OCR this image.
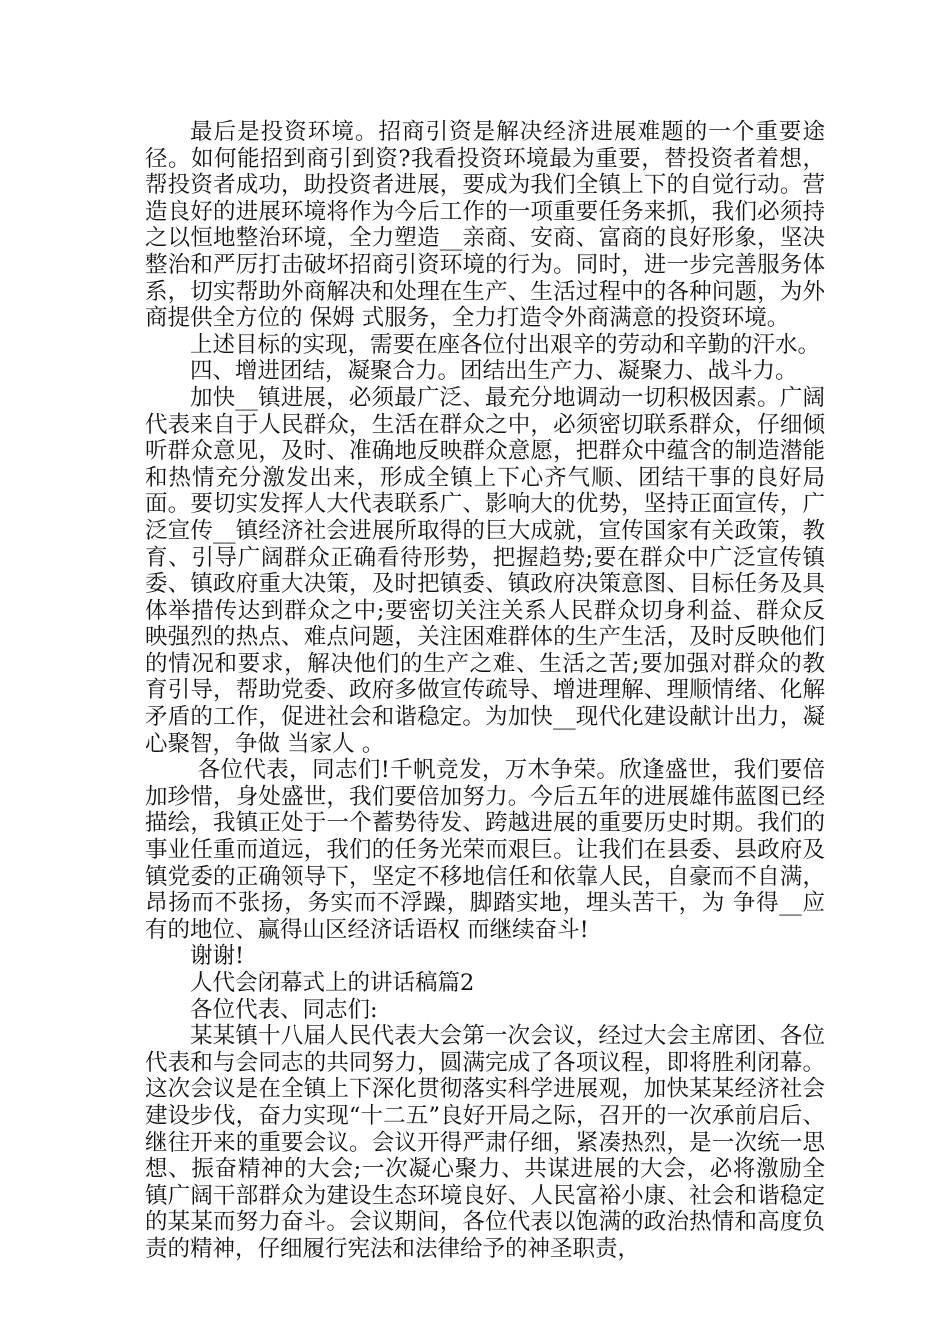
最后是投资环境。招商引资是解决经济进展难题的一个重要途径。如何能招到商引到资?我看投资环境最为重要，替投资者着想，帮投资者成功，助投资者进展，要成为我们全镇上下的自觉行动。营造良好的进展环境将作为今后工作的一项重要任务来抓，我们必须持之以恒地整治环境，全力塑造__亲商、安商、富商的良好形象，坚决整治和严厉打击破坏招商引资环境的行为。同时，进一步完善服务体系，切实帮助外商解决和处理在生产、生活过程中的各种问题，为外商提供全方位的 保姆 式服务，全力打造令外商满意的投资环境。

上述目标的实现，需要在座各位付出艰辛的劳动和辛勤的汗水。

四、增进团结，凝聚合力。团结出生产力、凝聚力、战斗力。

加快__镇进展，必须最广泛、最充分地调动一切积极因素。广阔代表来自于人民群众，生活在群众之中，必须密切联系群众，仔细倾听群众意见，及时、准确地反映群众意愿，把群众中蕴含的制造潜能和热情充分激发出来，形成全镇上下心齐气顺、团结干事的良好局面。要切实发挥人大代表联系广、影响大的优势，坚持正面宣传，广泛宣传__镇经济社会进展所取得的巨大成就，宣传国家有关政策，教育、引导广阔群众正确看待形势，把握趋势;要在群众中广泛宣传镇委、镇政府重大决策，及时把镇委、镇政府决策意图、目标任务及具体举措传达到群众之中;要密切关注关系人民群众切身利益、群众反映强烈的热点、难点问题，关注困难群体的生产生活，及时反映他们的情况和要求，解决他们的生产之难、生活之苦;要加强对群众的教育引导，帮助党委、政府多做宣传疏导、增进理解、理顺情绪、化解矛盾的工作，促进社会和谐稳定。为加快__现代化建设献计出力，凝心聚智，争做 当家人 。

各位代表，同志们!千帆竞发，万木争荣。欣逢盛世，我们要倍加珍惜，身处盛世，我们要倍加努力。今后五年的进展雄伟蓝图已经描绘，我镇正处于一个蓄势待发、跨越进展的重要历史时期。我们的事业任重而道远，我们的任务光荣而艰巨。让我们在县委、县政府及镇党委的正确领导下，坚定不移地信任和依靠人民，自豪而不自满，昂扬而不张扬，务实而不浮躁，脚踏实地，埋头苦干，为 争得__应有的地位、赢得山区经济话语权 而继续奋斗!

谢谢!

人代会闭幕式上的讲话稿篇2

各位代表、同志们:

某某镇十八届人民代表大会第一次会议，经过大会主席团、各位代表和与会同志的共同努力，圆满完成了各项议程，即将胜利闭幕。这次会议是在全镇上下深化贯彻落实科学进展观，加快某某经济社会建设步伐，奋力实现“十二五”良好开局之际，召开的一次承前启后、继往开来的重要会议。会议开得严肃仔细，紧凑热烈，是一次统一思想、振奋精神的大会;一次凝心聚力、共谋进展的大会，必将激励全镇广阔干部群众为建设生态环境良好、人民富裕小康、社会和谐稳定的某某而努力奋斗。会议期间，各位代表以饱满的政治热情和高度负责的精神，仔细履行宪法和法律给予的神圣职责，
